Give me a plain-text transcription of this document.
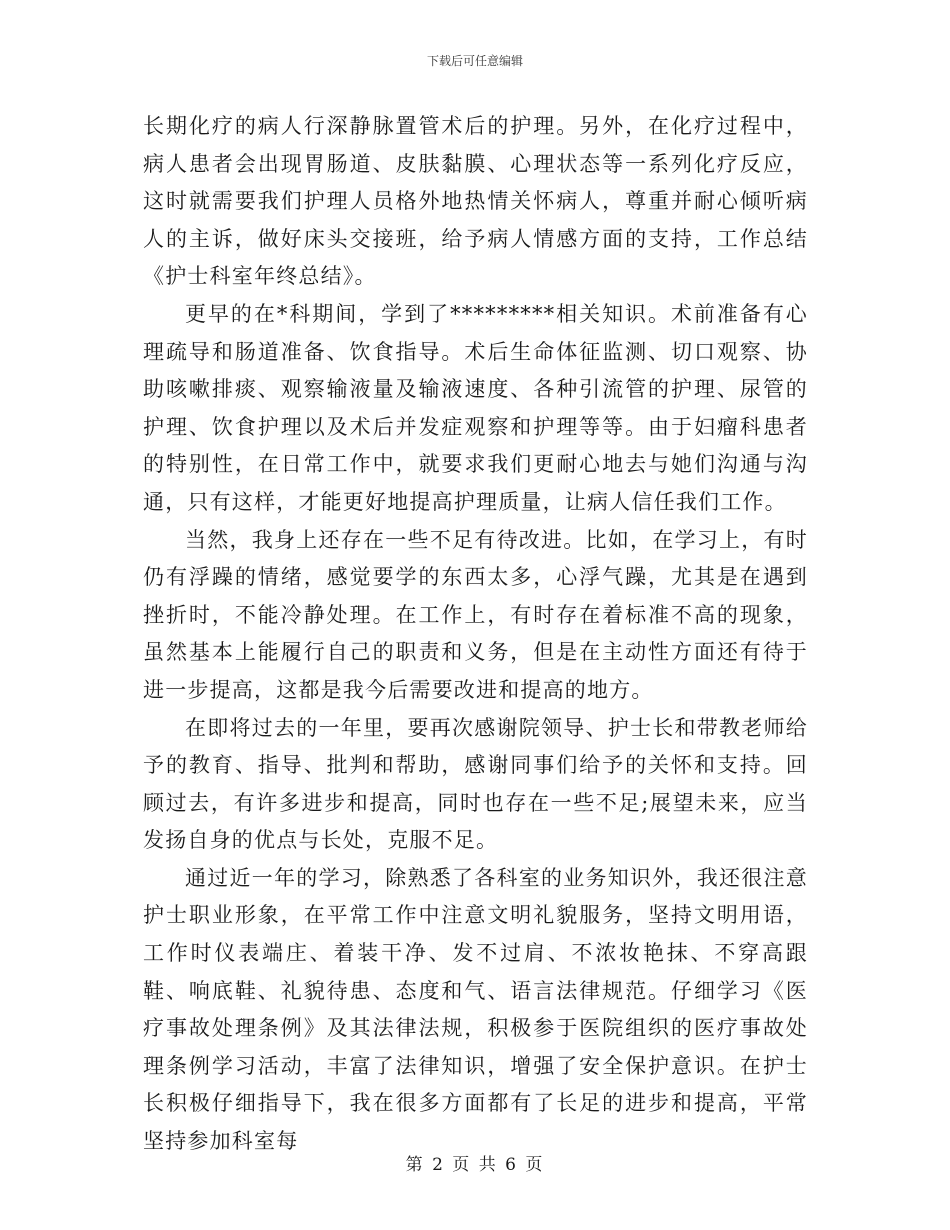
下载后可任意编辑

长期化疗的病人行深静脉置管术后的护理。另外，在化疗过程中，病人患者会出现胃肠道、皮肤黏膜、心理状态等一系列化疗反应，这时就需要我们护理人员格外地热情关怀病人，尊重并耐心倾听病人的主诉，做好床头交接班，给予病人情感方面的支持，工作总结《护士科室年终总结》。

更早的在*科期间，学到了*********相关知识。术前准备有心理疏导和肠道准备、饮食指导。术后生命体征监测、切口观察、协助咳嗽排痰、观察输液量及输液速度、各种引流管的护理、尿管的护理、饮食护理以及术后并发症观察和护理等等。由于妇瘤科患者的特别性，在日常工作中，就要求我们更耐心地去与她们沟通与沟通，只有这样，才能更好地提高护理质量，让病人信任我们工作。

当然，我身上还存在一些不足有待改进。比如，在学习上，有时仍有浮躁的情绪，感觉要学的东西太多，心浮气躁，尤其是在遇到挫折时，不能冷静处理。在工作上，有时存在着标准不高的现象，虽然基本上能履行自己的职责和义务，但是在主动性方面还有待于进一步提高，这都是我今后需要改进和提高的地方。

在即将过去的一年里，要再次感谢院领导、护士长和带教老师给予的教育、指导、批判和帮助，感谢同事们给予的关怀和支持。回顾过去，有许多进步和提高，同时也存在一些不足;展望未来，应当发扬自身的优点与长处，克服不足。

通过近一年的学习，除熟悉了各科室的业务知识外，我还很注意护士职业形象，在平常工作中注意文明礼貌服务，坚持文明用语，工作时仪表端庄、着装干净、发不过肩、不浓妆艳抹、不穿高跟鞋、响底鞋、礼貌待患、态度和气、语言法律规范。仔细学习《医疗事故处理条例》及其法律法规，积极参于医院组织的医疗事故处理条例学习活动，丰富了法律知识，增强了安全保护意识。在护士长积极仔细指导下，我在很多方面都有了长足的进步和提高，平常坚持参加科室每

第 2 页 共 6 页
